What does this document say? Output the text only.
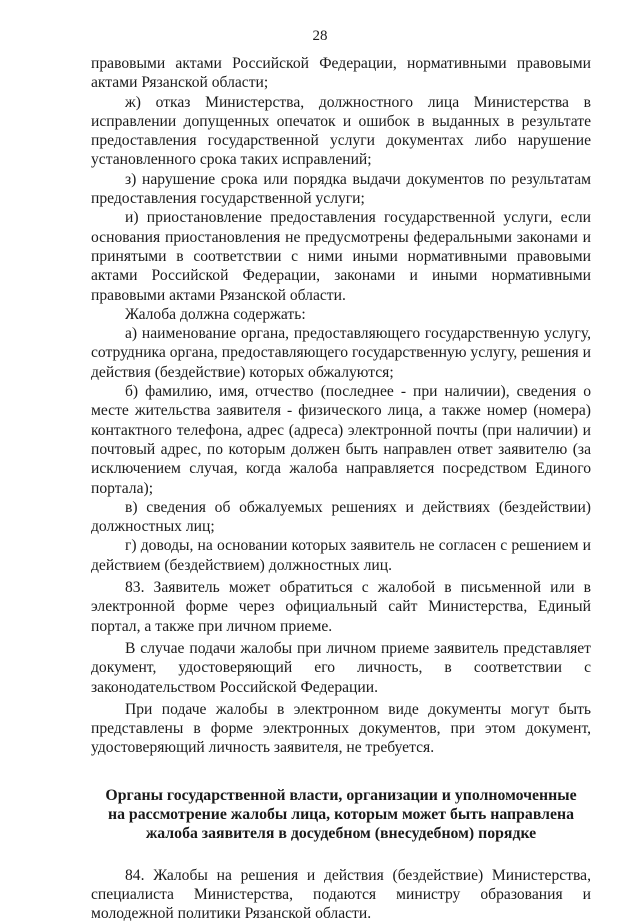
28

правовыми актами Российской Федерации, нормативными правовыми актами Рязанской области;

ж) отказ Министерства, должностного лица Министерства в исправлении допущенных опечаток и ошибок в выданных в результате предоставления государственной услуги документах либо нарушение установленного срока таких исправлений;

з) нарушение срока или порядка выдачи документов по результатам предоставления государственной услуги;

и) приостановление предоставления государственной услуги, если основания приостановления не предусмотрены федеральными законами и принятыми в соответствии с ними иными нормативными правовыми актами Российской Федерации, законами и иными нормативными правовыми актами Рязанской области.

Жалоба должна содержать:

а) наименование органа, предоставляющего государственную услугу, сотрудника органа, предоставляющего государственную услугу, решения и действия (бездействие) которых обжалуются;

б) фамилию, имя, отчество (последнее - при наличии), сведения о месте жительства заявителя - физического лица, а также номер (номера) контактного телефона, адрес (адреса) электронной почты (при наличии) и почтовый адрес, по которым должен быть направлен ответ заявителю (за исключением случая, когда жалоба направляется посредством Единого портала);

в) сведения об обжалуемых решениях и действиях (бездействии) должностных лиц;

г) доводы, на основании которых заявитель не согласен с решением и действием (бездействием) должностных лиц.

83. Заявитель может обратиться с жалобой в письменной или в электронной форме через официальный сайт Министерства, Единый портал, а также при личном приеме.

В случае подачи жалобы при личном приеме заявитель представляет документ, удостоверяющий его личность, в соответствии с законодательством Российской Федерации.

При подаче жалобы в электронном виде документы могут быть представлены в форме электронных документов, при этом документ, удостоверяющий личность заявителя, не требуется.

Органы государственной власти, организации и уполномоченные на рассмотрение жалобы лица, которым может быть направлена жалоба заявителя в досудебном (внесудебном) порядке

84. Жалобы на решения и действия (бездействие) Министерства, специалиста Министерства, подаются министру образования и молодежной политики Рязанской области.
